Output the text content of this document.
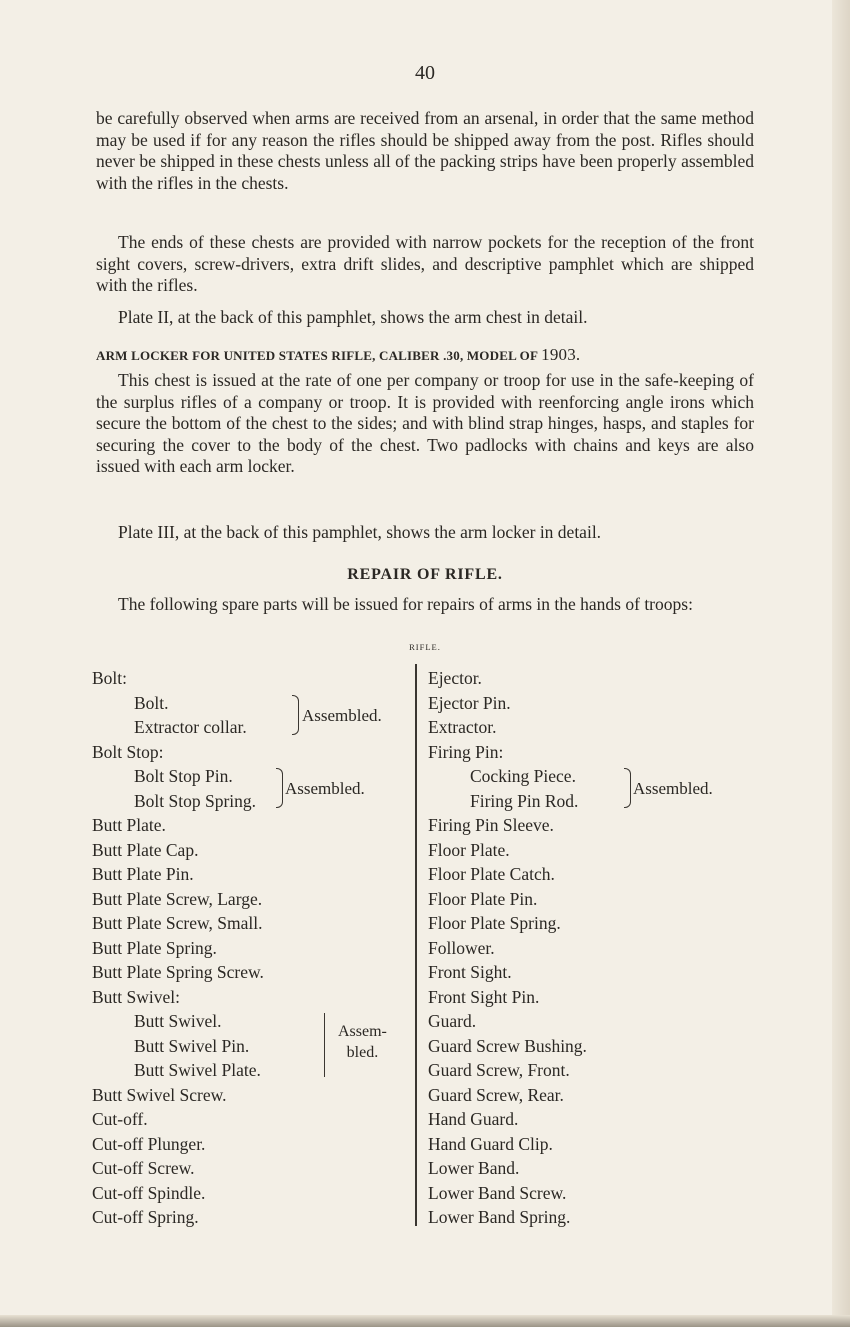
40

be carefully observed when arms are received from an arsenal, in order that the same method may be used if for any reason the rifles should be shipped away from the post. Rifles should never be shipped in these chests unless all of the packing strips have been properly assembled with the rifles in the chests.

The ends of these chests are provided with narrow pockets for the reception of the front sight covers, screw-drivers, extra drift slides, and descriptive pamphlet which are shipped with the rifles.

Plate II, at the back of this pamphlet, shows the arm chest in detail.

ARM LOCKER FOR UNITED STATES RIFLE, CALIBER .30, MODEL OF 1903.

This chest is issued at the rate of one per company or troop for use in the safe-keeping of the surplus rifles of a company or troop. It is provided with reenforcing angle irons which secure the bottom of the chest to the sides; and with blind strap hinges, hasps, and staples for securing the cover to the body of the chest. Two padlocks with chains and keys are also issued with each arm locker.

Plate III, at the back of this pamphlet, shows the arm locker in detail.

REPAIR OF RIFLE.

The following spare parts will be issued for repairs of arms in the hands of troops:

RIFLE.
Bolt:
Bolt.
Extractor collar.
Assembled.
Bolt Stop:
Bolt Stop Pin.
Bolt Stop Spring.
Assembled.
Butt Plate.
Butt Plate Cap.
Butt Plate Pin.
Butt Plate Screw, Large.
Butt Plate Screw, Small.
Butt Plate Spring.
Butt Plate Spring Screw.
Butt Swivel:
Butt Swivel.
Butt Swivel Pin.
Butt Swivel Plate.
Assem-
bled.
Butt Swivel Screw.
Cut-off.
Cut-off Plunger.
Cut-off Screw.
Cut-off Spindle.
Cut-off Spring.
Ejector.
Ejector Pin.
Extractor.
Firing Pin:
Cocking Piece.
Firing Pin Rod.
Assembled.
Firing Pin Sleeve.
Floor Plate.
Floor Plate Catch.
Floor Plate Pin.
Floor Plate Spring.
Follower.
Front Sight.
Front Sight Pin.
Guard.
Guard Screw Bushing.
Guard Screw, Front.
Guard Screw, Rear.
Hand Guard.
Hand Guard Clip.
Lower Band.
Lower Band Screw.
Lower Band Spring.
